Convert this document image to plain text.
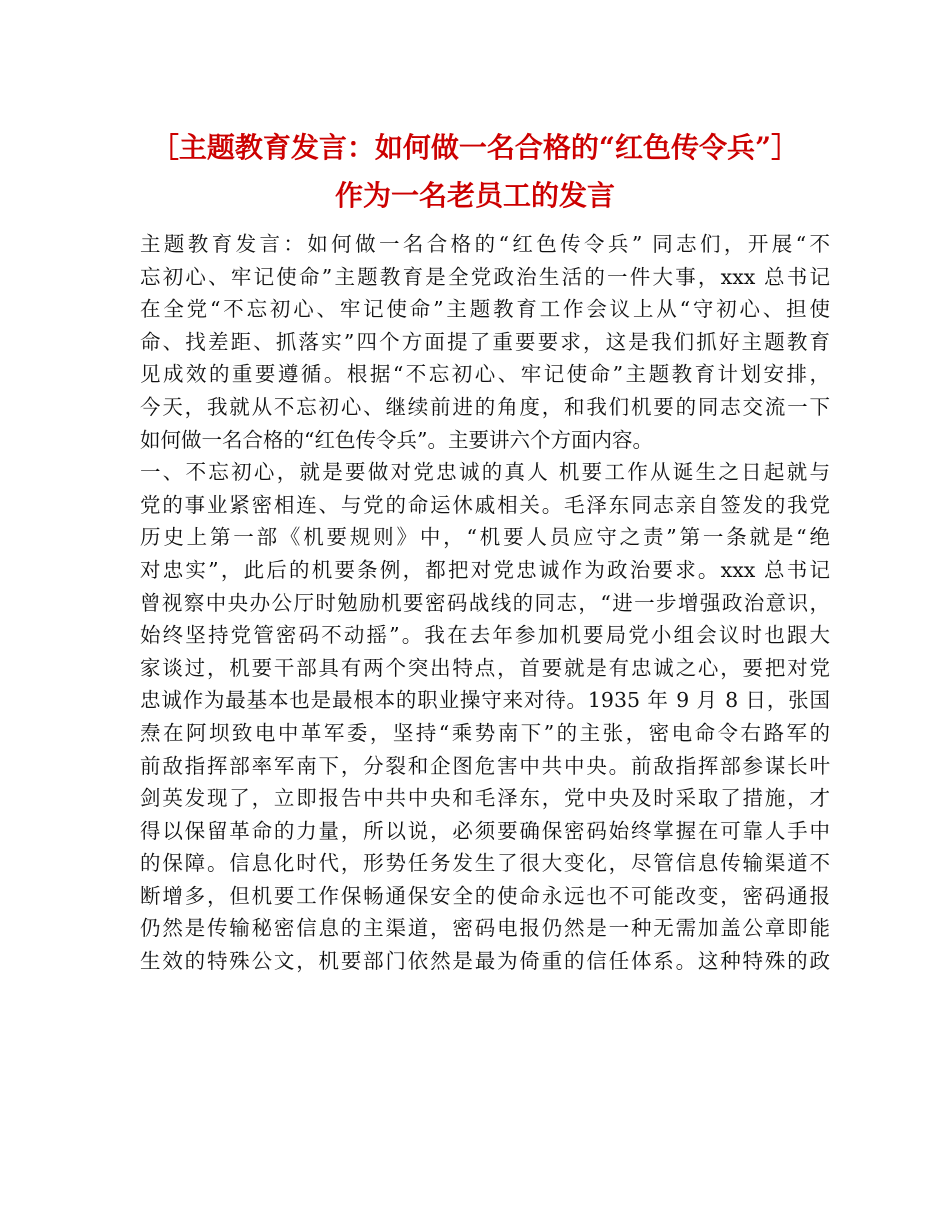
［主题教育发言：如何做一名合格的“红色传令兵”］
作为一名老员工的发言
主题教育发言：如何做一名合格的“红色传令兵” 同志们，开展“不
忘初心、牢记使命”主题教育是全党政治生活的一件大事，xxx 总书记
在全党“不忘初心、牢记使命”主题教育工作会议上从“守初心、担使
命、找差距、抓落实”四个方面提了重要要求，这是我们抓好主题教育
见成效的重要遵循。根据“不忘初心、牢记使命”主题教育计划安排，
今天，我就从不忘初心、继续前进的角度，和我们机要的同志交流一下
如何做一名合格的“红色传令兵”。主要讲六个方面内容。
一、不忘初心，就是要做对党忠诚的真人 机要工作从诞生之日起就与
党的事业紧密相连、与党的命运休戚相关。毛泽东同志亲自签发的我党
历史上第一部《机要规则》中，“机要人员应守之责”第一条就是“绝
对忠实”，此后的机要条例，都把对党忠诚作为政治要求。xxx 总书记
曾视察中央办公厅时勉励机要密码战线的同志，“进一步增强政治意识，
始终坚持党管密码不动摇”。我在去年参加机要局党小组会议时也跟大
家谈过，机要干部具有两个突出特点，首要就是有忠诚之心，要把对党
忠诚作为最基本也是最根本的职业操守来对待。1935 年 9 月 8 日，张国
焘在阿坝致电中革军委，坚持“乘势南下”的主张，密电命令右路军的
前敌指挥部率军南下，分裂和企图危害中共中央。前敌指挥部参谋长叶
剑英发现了，立即报告中共中央和毛泽东，党中央及时采取了措施，才
得以保留革命的力量，所以说，必须要确保密码始终掌握在可靠人手中
的保障。信息化时代，形势任务发生了很大变化，尽管信息传输渠道不
断增多，但机要工作保畅通保安全的使命永远也不可能改变，密码通报
仍然是传输秘密信息的主渠道，密码电报仍然是一种无需加盖公章即能
生效的特殊公文，机要部门依然是最为倚重的信任体系。这种特殊的政
